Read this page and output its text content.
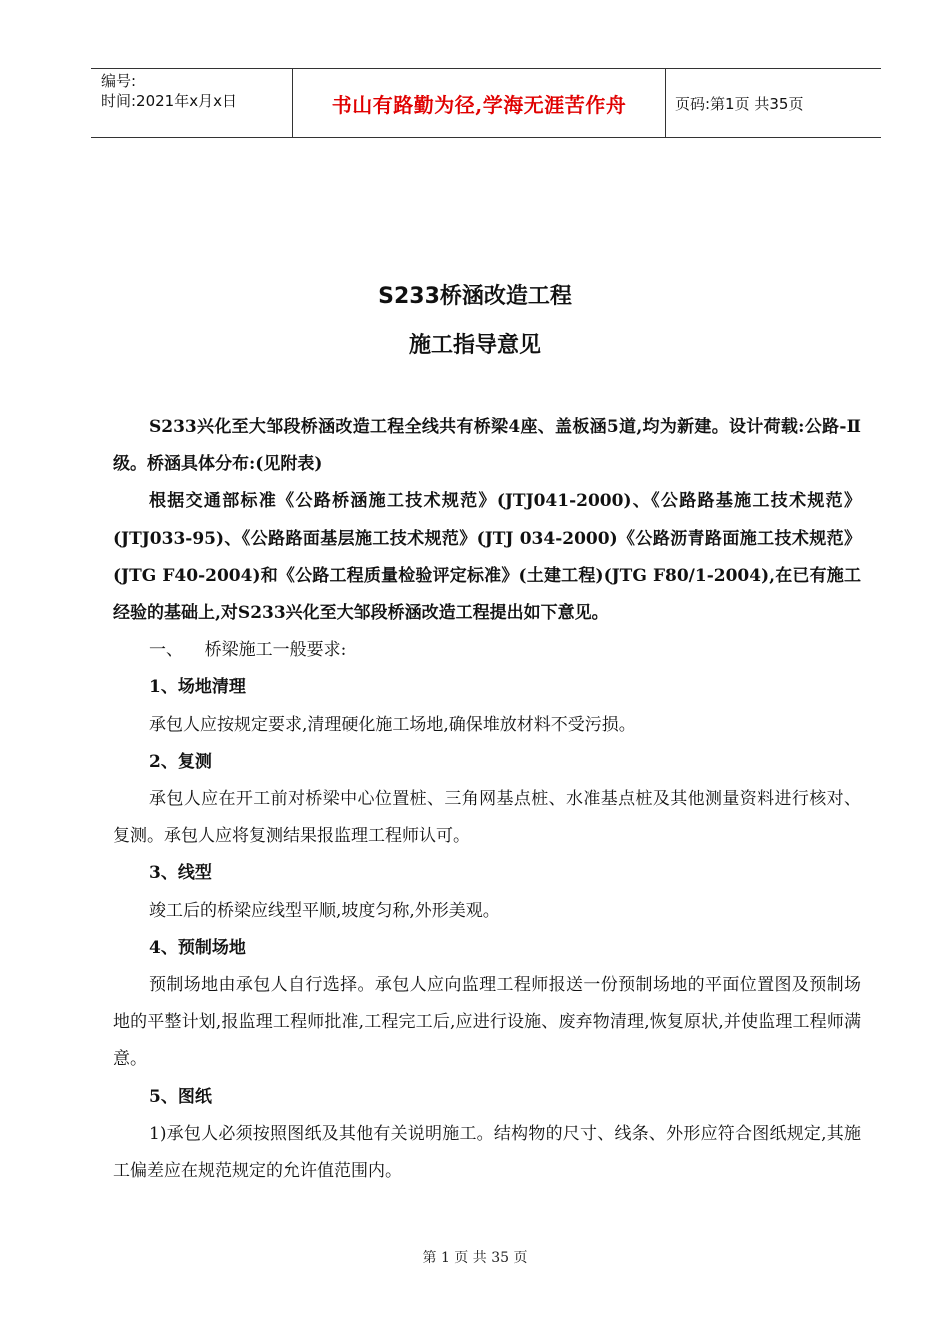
编号:
时间:2021年x月x日	书山有路勤为径,学海无涯苦作舟	页码:第1页 共35页
S233桥涵改造工程
施工指导意见

S233兴化至大邹段桥涵改造工程全线共有桥梁4座、盖板涵5道,均为新建。设计荷载:公路-Ⅱ级。桥涵具体分布:(见附表)

根据交通部标准《公路桥涵施工技术规范》(JTJ041-2000)、《公路路基施工技术规范》(JTJ033-95)、《公路路面基层施工技术规范》(JTJ 034-2000)《公路沥青路面施工技术规范》(JTG F40-2004)和《公路工程质量检验评定标准》(土建工程)(JTG F80/1-2004),在已有施工经验的基础上,对S233兴化至大邹段桥涵改造工程提出如下意见。

一、    桥梁施工一般要求:

1、场地清理

承包人应按规定要求,清理硬化施工场地,确保堆放材料不受污损。

2、复测

承包人应在开工前对桥梁中心位置桩、三角网基点桩、水准基点桩及其他测量资料进行核对、复测。承包人应将复测结果报监理工程师认可。

3、线型

竣工后的桥梁应线型平顺,坡度匀称,外形美观。

4、预制场地

预制场地由承包人自行选择。承包人应向监理工程师报送一份预制场地的平面位置图及预制场地的平整计划,报监理工程师批准,工程完工后,应进行设施、废弃物清理,恢复原状,并使监理工程师满意。

5、图纸

1)承包人必须按照图纸及其他有关说明施工。结构物的尺寸、线条、外形应符合图纸规定,其施工偏差应在规范规定的允许值范围内。

第 1 页 共 35 页
